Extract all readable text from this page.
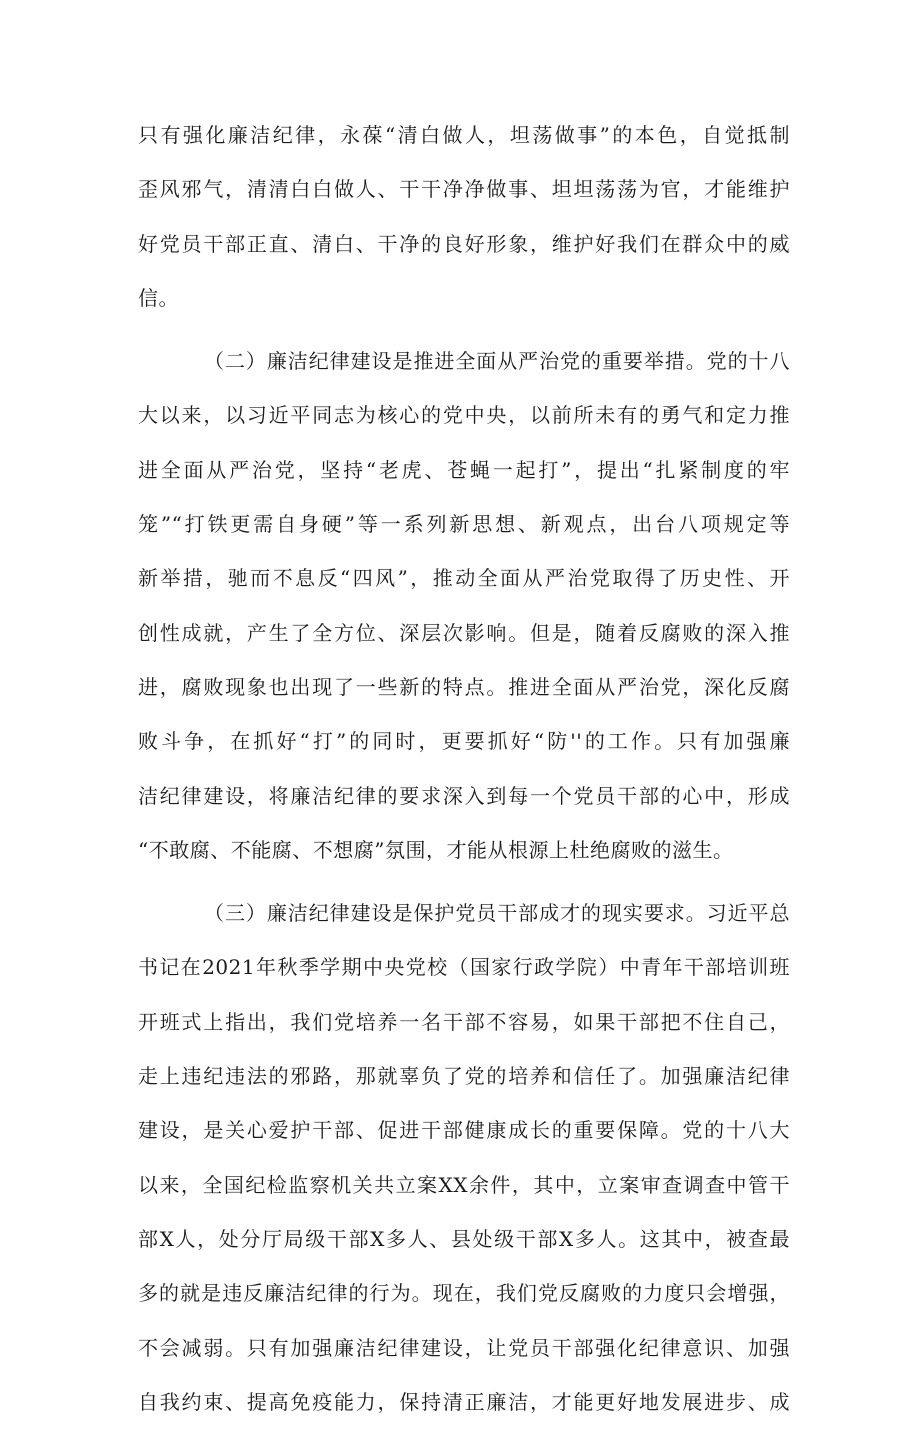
只有强化廉洁纪律，永葆“清白做人，坦荡做事”的本色，自觉抵制
歪风邪气，清清白白做人、干干净净做事、坦坦荡荡为官，才能维护
好党员干部正直、清白、干净的良好形象，维护好我们在群众中的威
信。
（二）廉洁纪律建设是推进全面从严治党的重要举措。党的十八
大以来，以习近平同志为核心的党中央，以前所未有的勇气和定力推
进全面从严治党，坚持“老虎、苍蝇一起打”，提出“扎紧制度的牢
笼”“打铁更需自身硬”等一系列新思想、新观点，出台八项规定等
新举措，驰而不息反“四风”，推动全面从严治党取得了历史性、开
创性成就，产生了全方位、深层次影响。但是，随着反腐败的深入推
进，腐败现象也出现了一些新的特点。推进全面从严治党，深化反腐
败斗争，在抓好“打”的同时，更要抓好“防''的工作。只有加强廉
洁纪律建设，将廉洁纪律的要求深入到每一个党员干部的心中，形成
“不敢腐、不能腐、不想腐”氛围，才能从根源上杜绝腐败的滋生。
（三）廉洁纪律建设是保护党员干部成才的现实要求。习近平总
书记在2021年秋季学期中央党校（国家行政学院）中青年干部培训班
开班式上指出，我们党培养一名干部不容易，如果干部把不住自己，
走上违纪违法的邪路，那就辜负了党的培养和信任了。加强廉洁纪律
建设，是关心爱护干部、促进干部健康成长的重要保障。党的十八大
以来，全国纪检监察机关共立案XX余件，其中，立案审查调查中管干
部X人，处分厅局级干部X多人、县处级干部X多人。这其中，被查最
多的就是违反廉洁纪律的行为。现在，我们党反腐败的力度只会增强，
不会减弱。只有加强廉洁纪律建设，让党员干部强化纪律意识、加强
自我约束、提高免疫能力，保持清正廉洁，才能更好地发展进步、成
